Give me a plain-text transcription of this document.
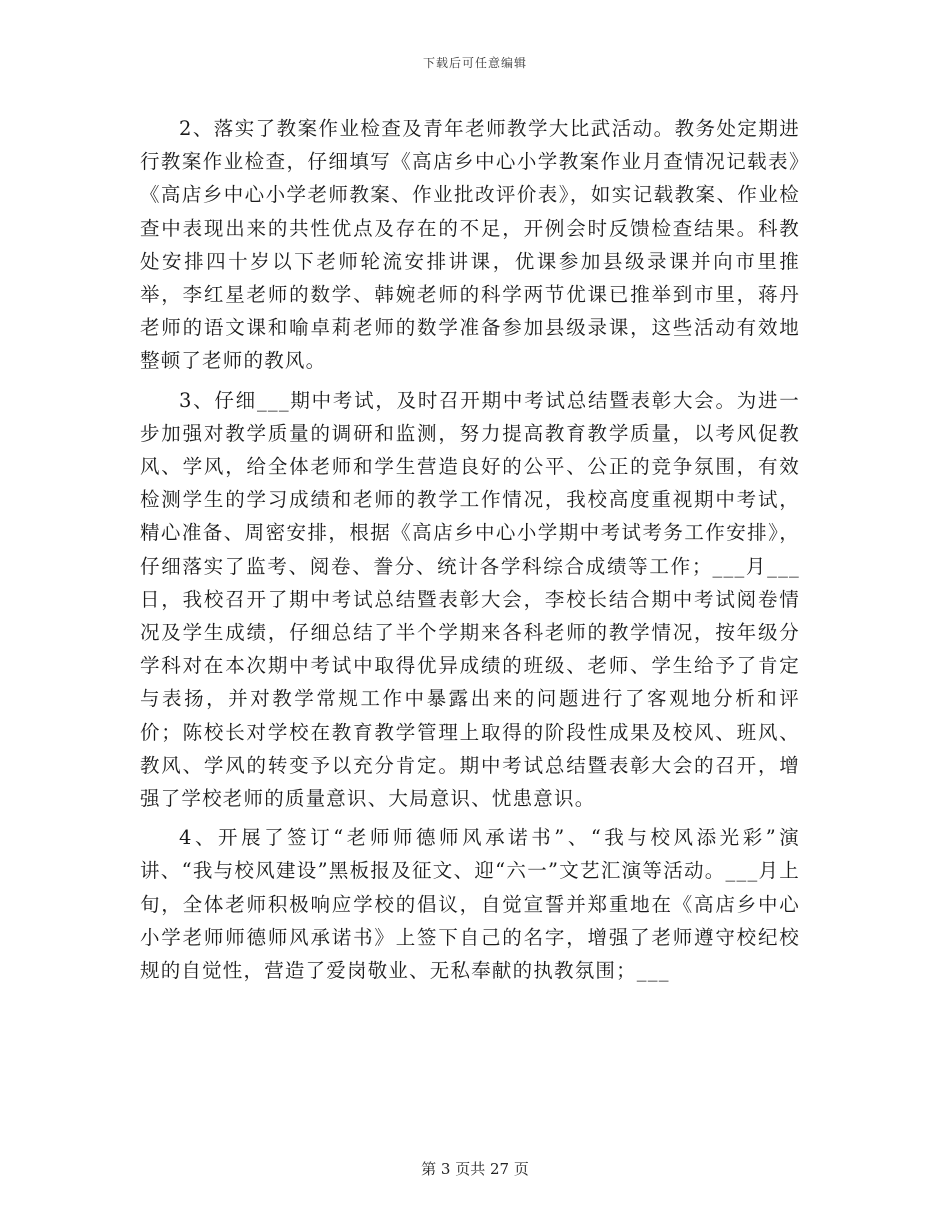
下载后可任意编辑

2、落实了教案作业检查及青年老师教学大比武活动。教务处定期进行教案作业检查，仔细填写《高店乡中心小学教案作业月查情况记载表》《高店乡中心小学老师教案、作业批改评价表》，如实记载教案、作业检查中表现出来的共性优点及存在的不足，开例会时反馈检查结果。科教处安排四十岁以下老师轮流安排讲课，优课参加县级录课并向市里推举，李红星老师的数学、韩婉老师的科学两节优课已推举到市里，蒋丹老师的语文课和喻卓莉老师的数学准备参加县级录课，这些活动有效地整顿了老师的教风。

3、仔细___期中考试，及时召开期中考试总结暨表彰大会。为进一步加强对教学质量的调研和监测，努力提高教育教学质量，以考风促教风、学风，给全体老师和学生营造良好的公平、公正的竞争氛围，有效检测学生的学习成绩和老师的教学工作情况，我校高度重视期中考试，精心准备、周密安排，根据《高店乡中心小学期中考试考务工作安排》，仔细落实了监考、阅卷、誊分、统计各学科综合成绩等工作；___月___日，我校召开了期中考试总结暨表彰大会，李校长结合期中考试阅卷情况及学生成绩，仔细总结了半个学期来各科老师的教学情况，按年级分学科对在本次期中考试中取得优异成绩的班级、老师、学生给予了肯定与表扬，并对教学常规工作中暴露出来的问题进行了客观地分析和评价；陈校长对学校在教育教学管理上取得的阶段性成果及校风、班风、教风、学风的转变予以充分肯定。期中考试总结暨表彰大会的召开，增强了学校老师的质量意识、大局意识、忧患意识。

4、开展了签订“老师师德师风承诺书”、“我与校风添光彩”演讲、“我与校风建设”黑板报及征文、迎“六一”文艺汇演等活动。___月上旬，全体老师积极响应学校的倡议，自觉宣誓并郑重地在《高店乡中心小学老师师德师风承诺书》上签下自己的名字，增强了老师遵守校纪校规的自觉性，营造了爱岗敬业、无私奉献的执教氛围；___

第 3 页共 27 页
